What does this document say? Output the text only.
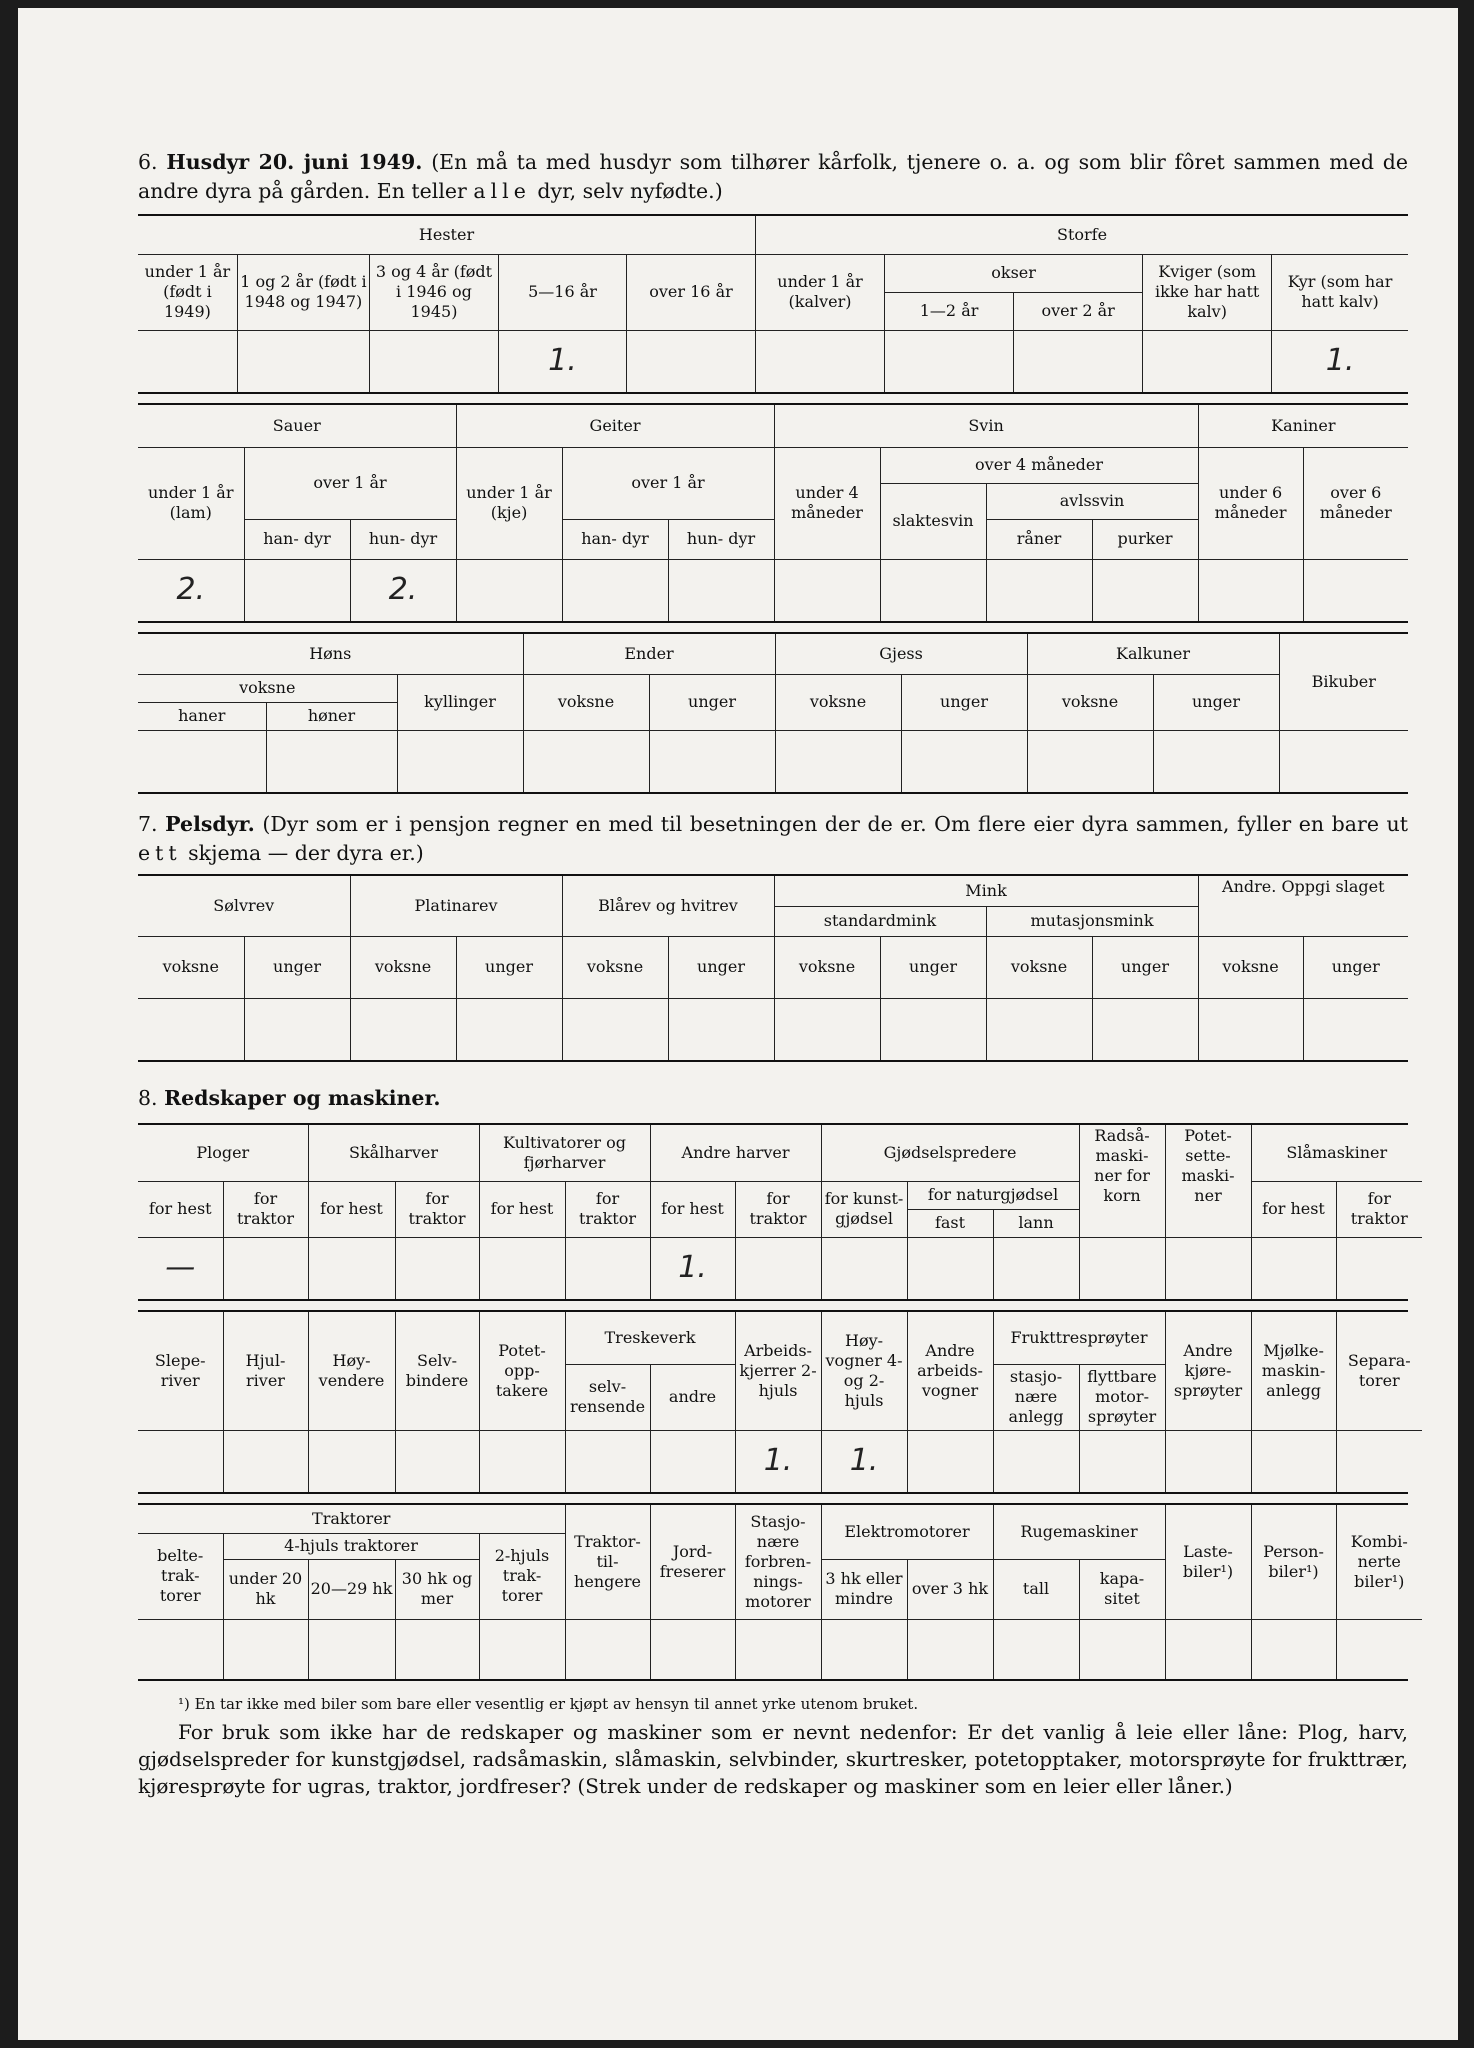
6. Husdyr 20. juni 1949. (En må ta med husdyr som tilhører kårfolk, tjenere o. a. og som blir fôret sammen med de andre dyra på gården. En teller alle dyr, selv nyfødte.)

Hester					Storfe				
under 1 år (født i 1949)	1 og 2 år (født i 1948 og 1947)	3 og 4 år (født i 1946 og 1945)	5—16 år	over 16 år	under 1 år (kalver)	okser		Kviger (som ikke har hatt kalv)	Kyr (som har hatt kalv)
						1—2 år	over 2 år		
			1.						1.
Sauer			Geiter			Svin				Kaniner	
under 1 år (lam)	over 1 år		under 1 år (kje)	over 1 år		under 4 måneder	over 4 måneder			under 6 måneder	over 6 måneder
							slaktesvin	avlssvin			
	han- dyr	hun- dyr		han- dyr	hun- dyr			råner	purker		
2.		2.									
Høns			Ender		Gjess		Kalkuner		Bikuber
voksne		kyllinger	voksne	unger	voksne	unger	voksne	unger	
haner	høner								

7. Pelsdyr. (Dyr som er i pensjon regner en med til besetningen der de er. Om flere eier dyra sammen, fyller en bare ut ett skjema — der dyra er.)

Sølvrev		Platinarev		Blårev og hvitrev		Mink				Andre. Oppgi slaget	
						standardmink		mutasjonsmink			
voksne	unger	voksne	unger	voksne	unger	voksne	unger	voksne	unger	voksne	unger

8. Redskaper og maskiner.

Ploger		Skålharver		Kultivatorer og fjørharver		Andre harver		Gjødselspredere			Radså- maski- ner for korn	Potet- sette- maski- ner	Slåmaskiner	

for hest	for traktor	for hest	for traktor	for hest	for traktor	for hest	for traktor	for kunst- gjødsel	for naturgjødsel				for hest	for traktor
									fast	lann				

—						1.								
Slepe- river	Hjul- river	Høy- vendere	Selv- bindere	Potet- opp- takere	Treskeverk		Arbeids- kjerrer 2-hjuls	Høy- vogner 4- og 2- hjuls	Andre arbeids- vogner	Frukttresprøyter		Andre kjøre- sprøyter	Mjølke- maskin- anlegg	Separa- torer
					selv- rensende	andre				stasjo- nære anlegg	flyttbare motor- sprøyter			
							1.	1.						
Traktorer					Traktor- til- hengere	Jord- freserer	Stasjo- nære forbren- nings- motorer	Elektromotorer		Rugemaskiner		Laste- biler¹)	Person- biler¹)	Kombi- nerte biler¹)
belte- trak- torer	4-hjuls traktorer			2-hjuls trak- torer										
	under 20 hk	20—29 hk	30 hk og mer					3 hk eller mindre	over 3 hk	tall	kapa- sitet			

¹) En tar ikke med biler som bare eller vesentlig er kjøpt av hensyn til annet yrke utenom bruket.

For bruk som ikke har de redskaper og maskiner som er nevnt nedenfor: Er det vanlig å leie eller låne: Plog, harv, gjødselspreder for kunstgjødsel, radsåmaskin, slåmaskin, selvbinder, skurtresker, potetopptaker, motorsprøyte for frukttrær, kjøresprøyte for ugras, traktor, jordfreser? (Strek under de redskaper og maskiner som en leier eller låner.)
